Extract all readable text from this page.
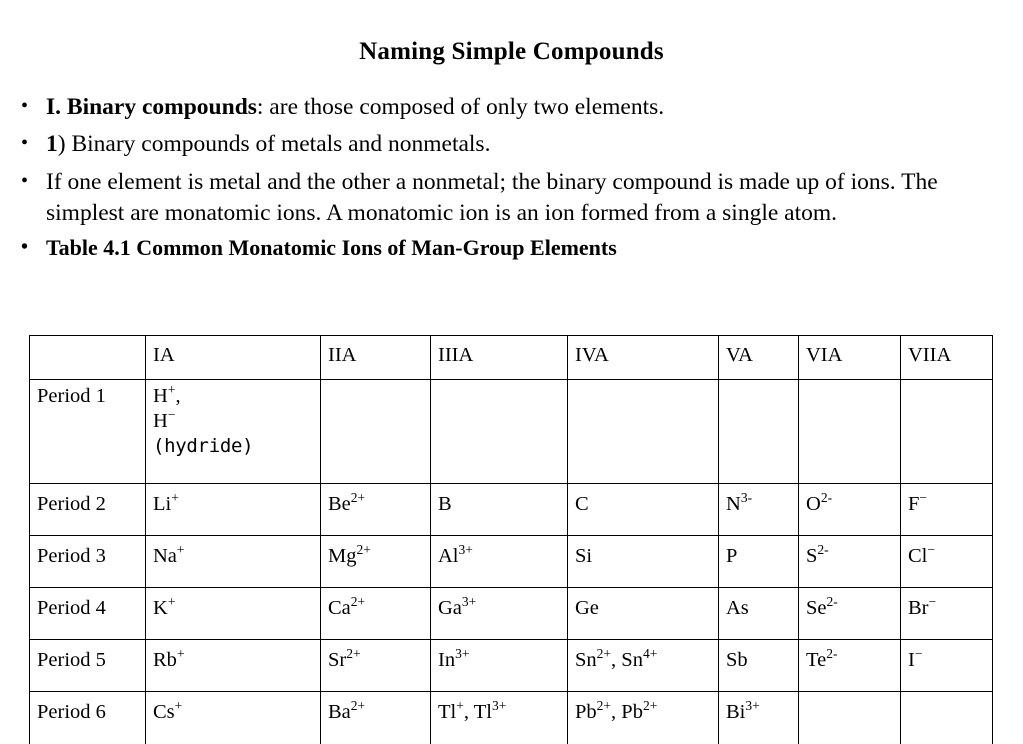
Naming Simple Compounds
• I. Binary compounds: are those composed of only two elements.
• 1) Binary compounds of metals and nonmetals.
• If one element is metal and the other a nonmetal; the binary compound is made up of ions. The simplest are monatomic ions. A monatomic ion is an ion formed from a single atom.
• Table 4.1 Common Monatomic Ions of Man-Group Elements
	IA	IIA	IIIA	IVA	VA	VIA	VIIA
Period 1	H+,
H−
(hydride)						

Period 2	Li+	$Be^{2+}$	B	C	$N^{3-}$	$O^{2-}$	F−

Period 3	Na+	$Mg^{2+}$	$Al^{3+}$	Si	P	$S^{2-}$	Cl−

Period 4	K+	$Ca^{2+}$	$Ga^{3+}$	Ge	As	$Se^{2-}$	Br−

Period 5	Rb+	$Sr^{2+}$	$In^{3+}$	$Sn^{2+}$, $Sn^{4+}$	Sb	$Te^{2-}$	I−

Period 6	Cs+	$Ba^{2+}$	Tl+, $Tl^{3+}$	$Pb^{2+}$, $Pb^{2+}$	$Bi^{3+}$
